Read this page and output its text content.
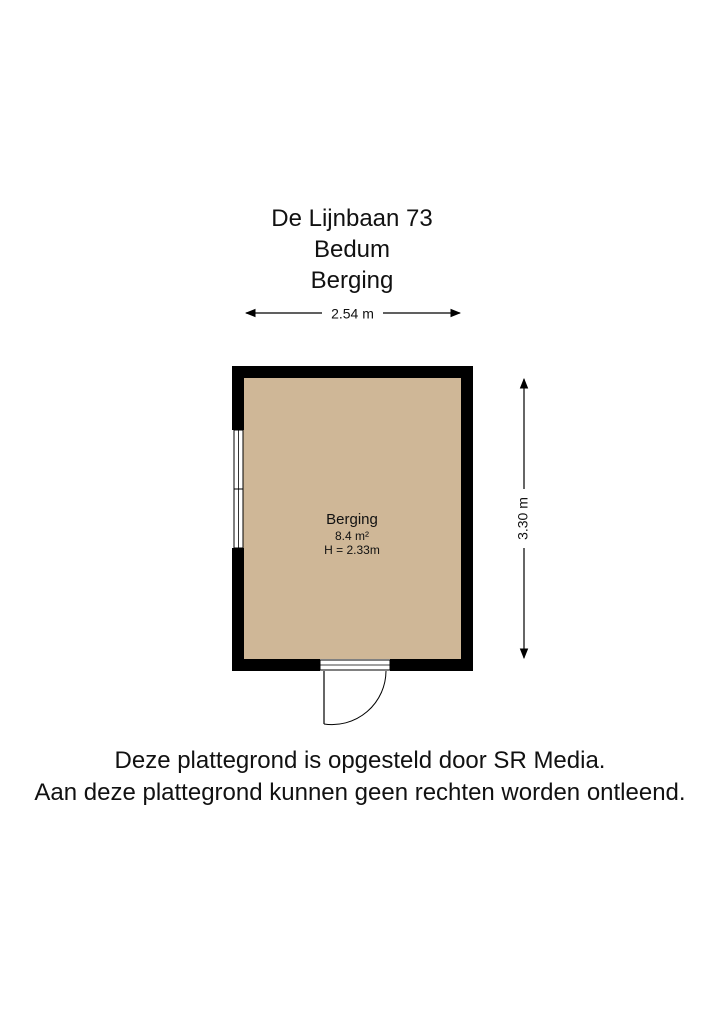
De Lijnbaan 73
Bedum
Berging
2.54 m
3.30 m
Berging
8.4 m²
H = 2.33m
Deze plattegrond is opgesteld door SR Media.
Aan deze plattegrond kunnen geen rechten worden ontleend.
